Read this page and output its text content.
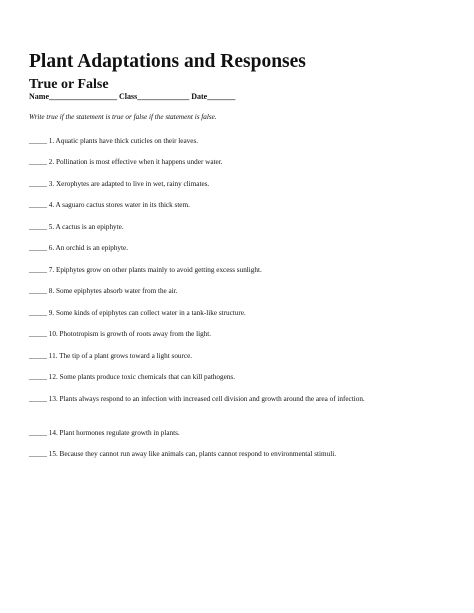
Plant Adaptations and Responses
True or False
Name_________________ Class_____________ Date_______
Write true if the statement is true or false if the statement is false.
_____ 1. Aquatic plants have thick cuticles on their leaves.
_____ 2. Pollination is most effective when it happens under water.
_____ 3. Xerophytes are adapted to live in wet, rainy climates.
_____ 4. A saguaro cactus stores water in its thick stem.
_____ 5. A cactus is an epiphyte.
_____ 6. An orchid is an epiphyte.
_____ 7. Epiphytes grow on other plants mainly to avoid getting excess sunlight.
_____ 8. Some epiphytes absorb water from the air.
_____ 9. Some kinds of epiphytes can collect water in a tank-like structure.
_____ 10. Phototropism is growth of roots away from the light.
_____ 11. The tip of a plant grows toward a light source.
_____ 12. Some plants produce toxic chemicals that can kill pathogens.
_____ 13. Plants always respond to an infection with increased cell division and growth around the area of infection.
_____ 14. Plant hormones regulate growth in plants.
_____ 15. Because they cannot run away like animals can, plants cannot respond to environmental stimuli.
